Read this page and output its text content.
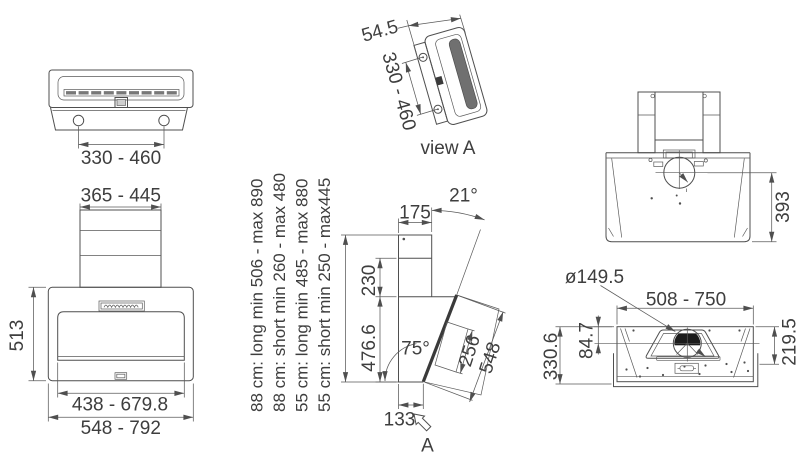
330 - 460
365 - 445
513
438 - 679.8
548 - 792
88 cm: long min 506 - max 890 88 cm: short min 260 - max 480 55 cm: long min 485 - max 880 55 cm: short min 250 - max445
54.5
330 - 460
view A
21°
256
548
75°
175
230
476.6
133
A
393
508 - 750
ø149.5
330.6 84.7	219.5
